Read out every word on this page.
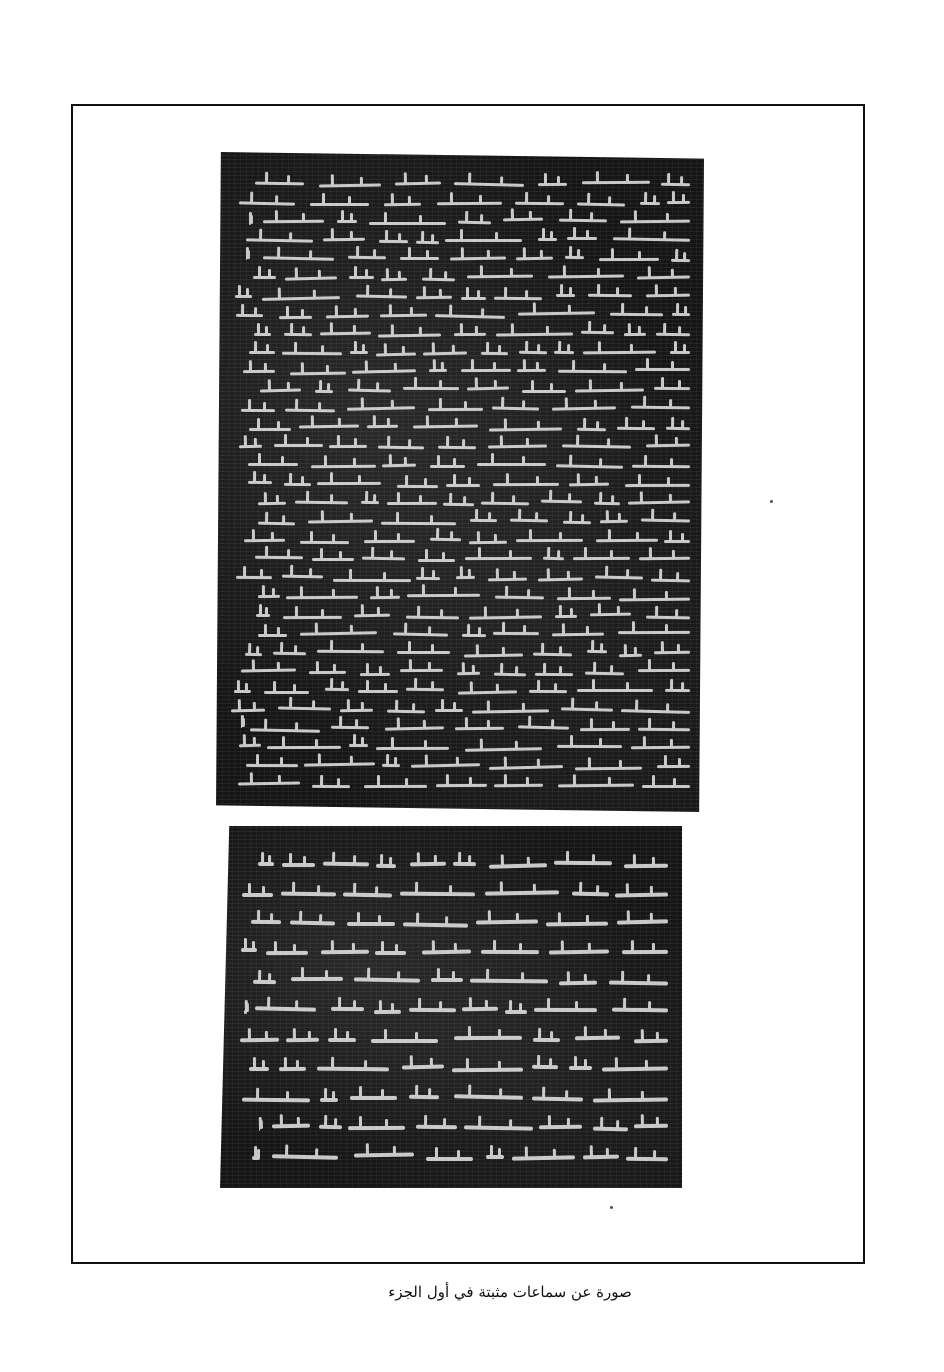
صورة عن سماعات مثبتة في أول الجزء
